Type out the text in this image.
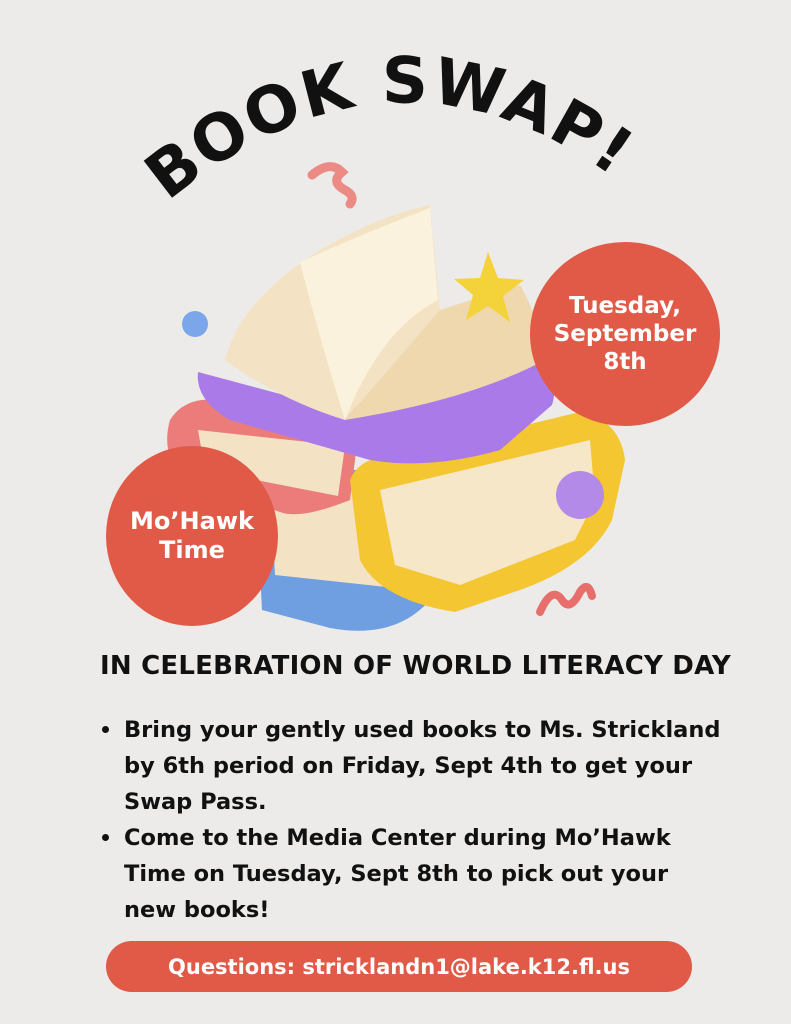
BOOK SWAP!
Tuesday,
September
8th
Mo’Hawk
Time
IN CELEBRATION OF WORLD LITERACY DAY
Bring your gently used books to Ms. Strickland by 6th period on Friday, Sept 4th to get your Swap Pass.
Come to the Media Center during Mo’Hawk Time on Tuesday, Sept 8th to pick out your new books!
Questions: stricklandn1@lake.k12.fl.us
